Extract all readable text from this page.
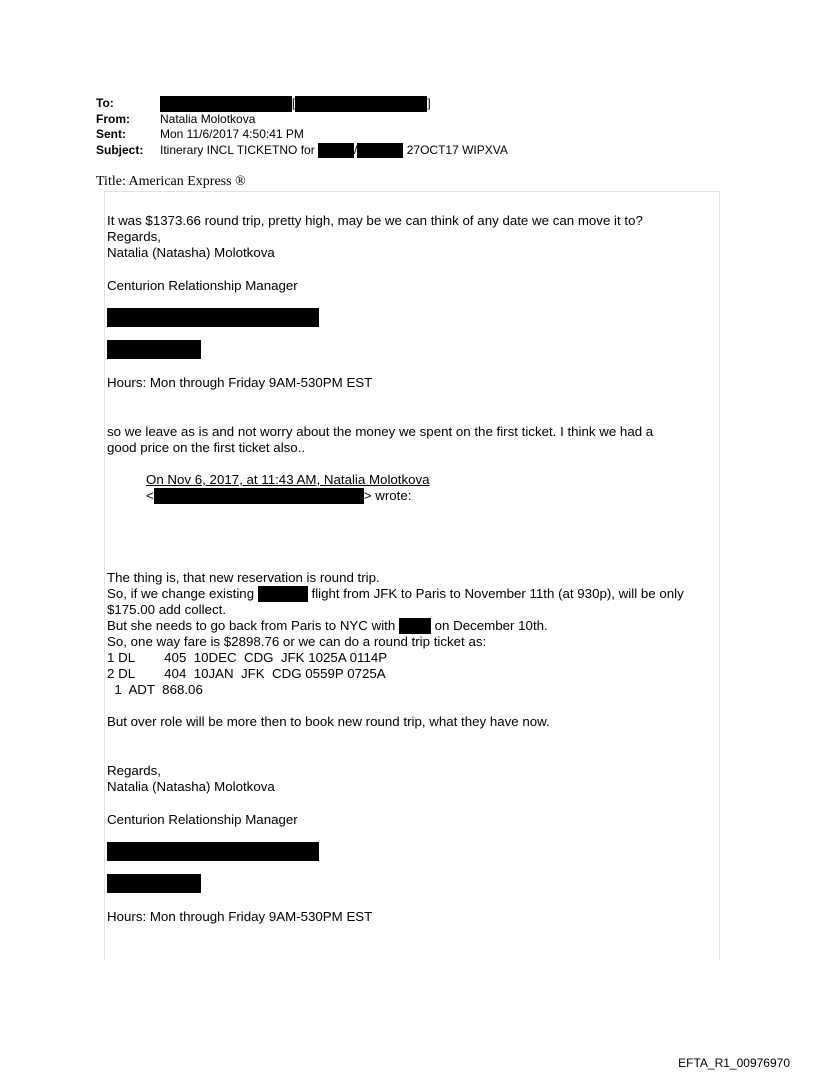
To:	[	]
From:	Natalia Molotkova
Sent:	Mon 11/6/2017 4:50:41 PM
Subject: Itinerary INCL TICKETNO for	/	27OCT17 WIPXVA
Title: American Express ®
It was $1373.66 round trip, pretty high, may be we can think of any date we can move it to?
Regards,
Natalia (Natasha) Molotkova
Centurion Relationship Manager
Hours: Mon through Friday 9AM-530PM EST
so we leave as is and not worry about the money we spent on the first ticket. I think we had a
good price on the first ticket also..
On Nov 6, 2017, at 11:43 AM, Natalia Molotkova
<	> wrote:
The thing is, that new reservation is round trip.
So, if we change existing	flight from JFK to Paris to November 11th (at 930p), will be only
$175.00 add collect.
But she needs to go back from Paris to NYC with	on December 10th.
So, one way fare is $2898.76 or we can do a round trip ticket as:
1 DL        405  10DEC  CDG  JFK 1025A 0114P
2 DL        404  10JAN  JFK  CDG 0559P 0725A
1  ADT  868.06
But over role will be more then to book new round trip, what they have now.
Regards,
Natalia (Natasha) Molotkova
Centurion Relationship Manager
Hours: Mon through Friday 9AM-530PM EST
EFTA_R1_00976970
